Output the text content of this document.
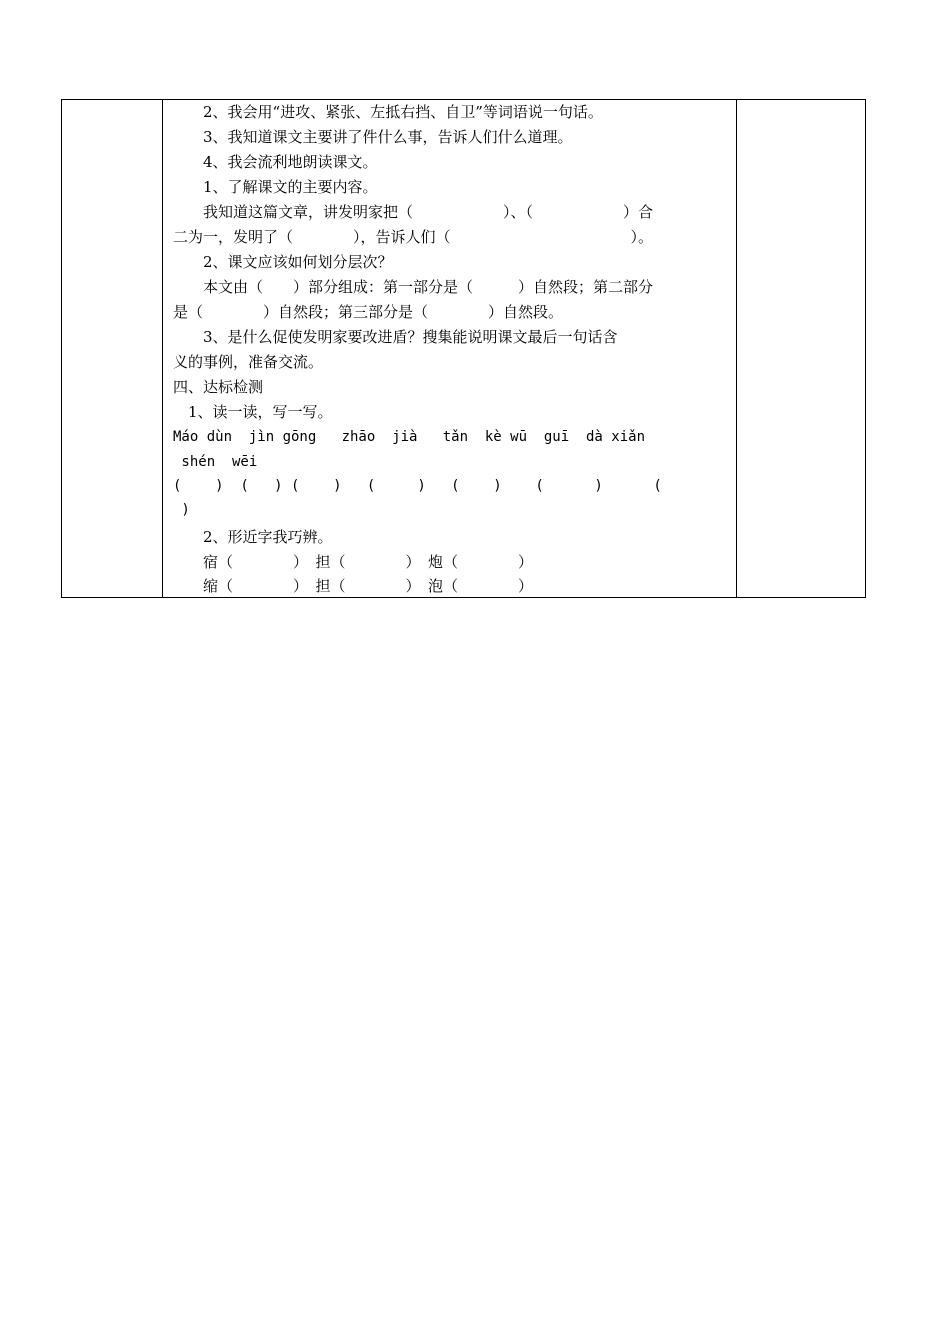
　　2、我会用“进攻、紧张、左抵右挡、自卫”等词语说一句话。
　　3、我知道课文主要讲了件什么事，告诉人们什么道理。
　　4、我会流利地朗读课文。
　　1、了解课文的主要内容。
　　我知道这篇文章，讲发明家把（　　　　　　）、（　　　　　　）合
二为一，发明了（　　　　），告诉人们（　　　　　　　　　　　　）。
　　2、课文应该如何划分层次？
　　本文由（　　）部分组成：第一部分是（　　　）自然段；第二部分
是（　　　　）自然段；第三部分是（　　　　）自然段。
　　3、是什么促使发明家要改进盾？搜集能说明课文最后一句话含
义的事例，准备交流。
四、达标检测
　1、读一读，写一写。
Máo dùn  jìn gōng   zhāo  jià   tǎn  kè wū  guī  dà xiǎn
shén  wēi
(    )  (   ) (    )   (     )   (    )    (      )      (
)
　　2、形近字我巧辨。
　　宿（　　　　）　担（　　　　）　炮（　　　　）
　　缩（　　　　）　担（　　　　）　泡（　　　　）
